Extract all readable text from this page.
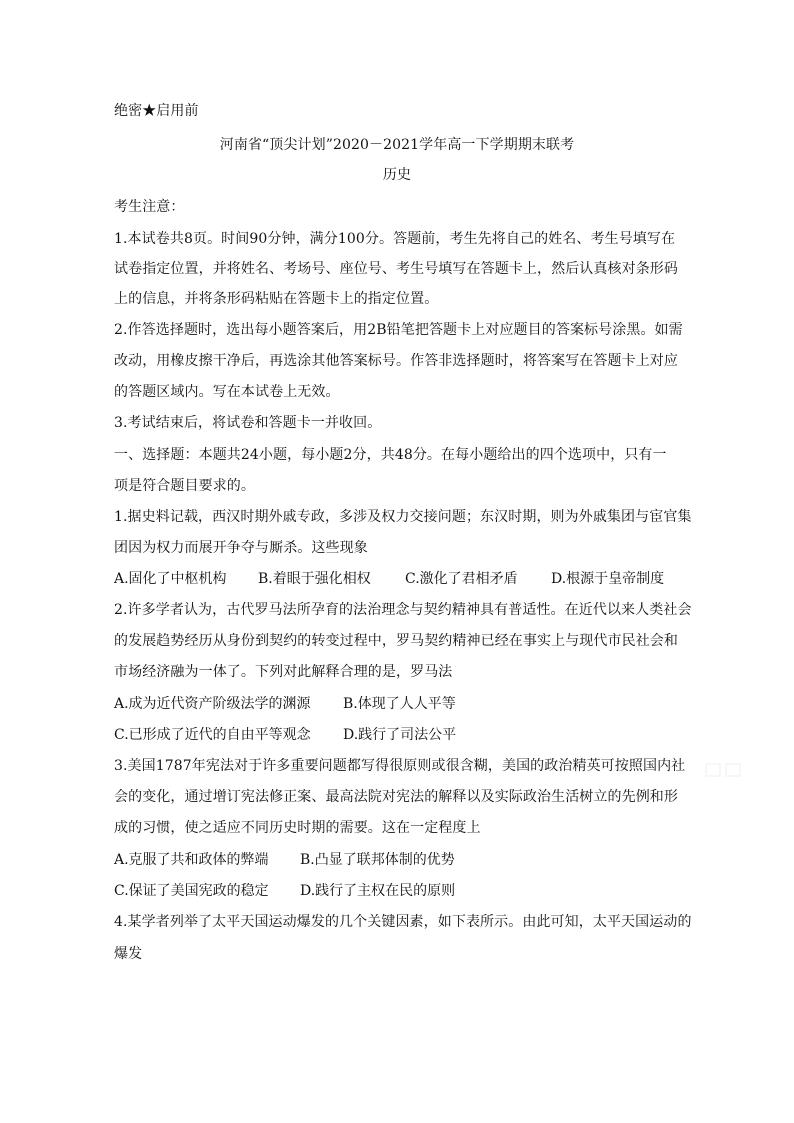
绝密★启用前
河南省“顶尖计划”2020－2021学年高一下学期期末联考
历史
考生注意：
1.本试卷共8页。时间90分钟，满分100分。答题前，考生先将自己的姓名、考生号填写在
试卷指定位置，并将姓名、考场号、座位号、考生号填写在答题卡上，然后认真核对条形码
上的信息，并将条形码粘贴在答题卡上的指定位置。
2.作答选择题时，选出每小题答案后，用2B铅笔把答题卡上对应题目的答案标号涂黑。如需
改动，用橡皮擦干净后，再选涂其他答案标号。作答非选择题时，将答案写在答题卡上对应
的答题区域内。写在本试卷上无效。
3.考试结束后，将试卷和答题卡一并收回。
一、选择题：本题共24小题，每小题2分，共48分。在每小题给出的四个选项中，只有一
项是符合题目要求的。
1.据史料记载，西汉时期外戚专政，多涉及权力交接问题；东汉时期，则为外戚集团与宦官集
团因为权力而展开争夺与厮杀。这些现象
A.固化了中枢机构 B.着眼于强化相权 C.激化了君相矛盾 D.根源于皇帝制度
2.许多学者认为，古代罗马法所孕育的法治理念与契约精神具有普适性。在近代以来人类社会
的发展趋势经历从身份到契约的转变过程中，罗马契约精神已经在事实上与现代市民社会和
市场经济融为一体了。下列对此解释合理的是，罗马法
A.成为近代资产阶级法学的渊源 B.体现了人人平等
C.已形成了近代的自由平等观念 D.践行了司法公平
3.美国1787年宪法对于许多重要问题都写得很原则或很含糊，美国的政治精英可按照国内社
会的变化，通过增订宪法修正案、最高法院对宪法的解释以及实际政治生活树立的先例和形
成的习惯，使之适应不同历史时期的需要。这在一定程度上
A.克服了共和政体的弊端 B.凸显了联邦体制的优势
C.保证了美国宪政的稳定 D.践行了主权在民的原则
4.某学者列举了太平天国运动爆发的几个关键因素，如下表所示。由此可知，太平天国运动的
爆发
